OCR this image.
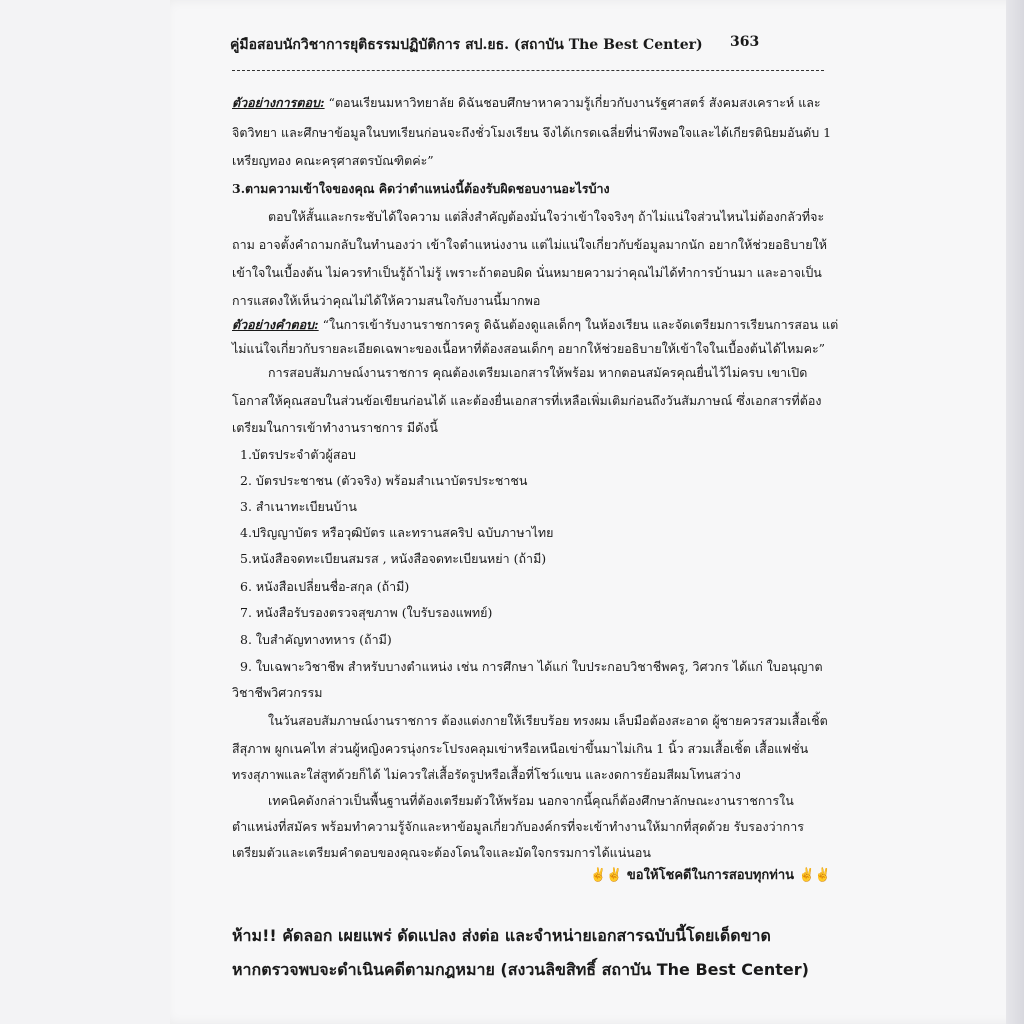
คู่มือสอบนักวิชาการยุติธรรมปฏิบัติการ สป.ยธ. (สถาบัน The Best Center)	363
ตัวอย่างการตอบ: “ตอนเรียนมหาวิทยาลัย ดิฉันชอบศึกษาหาความรู้เกี่ยวกับงานรัฐศาสตร์ สังคมสงเคราะห์ และ
จิตวิทยา และศึกษาข้อมูลในบทเรียนก่อนจะถึงชั่วโมงเรียน จึงได้เกรดเฉลี่ยที่น่าพึงพอใจและได้เกียรตินิยมอันดับ 1
เหรียญทอง คณะครุศาสตรบัณฑิตค่ะ”
3.ตามความเข้าใจของคุณ คิดว่าตำแหน่งนี้ต้องรับผิดชอบงานอะไรบ้าง
ตอบให้สั้นและกระชับได้ใจความ แต่สิ่งสำคัญต้องมั่นใจว่าเข้าใจจริงๆ ถ้าไม่แน่ใจส่วนไหนไม่ต้องกลัวที่จะ
ถาม อาจตั้งคำถามกลับในทำนองว่า เข้าใจตำแหน่งงาน แต่ไม่แน่ใจเกี่ยวกับข้อมูลมากนัก อยากให้ช่วยอธิบายให้
เข้าใจในเบื้องต้น ไม่ควรทำเป็นรู้ถ้าไม่รู้ เพราะถ้าตอบผิด นั่นหมายความว่าคุณไม่ได้ทำการบ้านมา และอาจเป็น
การแสดงให้เห็นว่าคุณไม่ได้ให้ความสนใจกับงานนี้มากพอ
ตัวอย่างคำตอบ: “ในการเข้ารับงานราชการครู ดิฉันต้องดูแลเด็กๆ ในห้องเรียน และจัดเตรียมการเรียนการสอน แต่
ไม่แน่ใจเกี่ยวกับรายละเอียดเฉพาะของเนื้อหาที่ต้องสอนเด็กๆ อยากให้ช่วยอธิบายให้เข้าใจในเบื้องต้นได้ไหมคะ”
การสอบสัมภาษณ์งานราชการ คุณต้องเตรียมเอกสารให้พร้อม หากตอนสมัครคุณยื่นไว้ไม่ครบ เขาเปิด
โอกาสให้คุณสอบในส่วนข้อเขียนก่อนได้ และต้องยื่นเอกสารที่เหลือเพิ่มเติมก่อนถึงวันสัมภาษณ์ ซึ่งเอกสารที่ต้อง
เตรียมในการเข้าทำงานราชการ มีดังนี้
1.บัตรประจำตัวผู้สอบ
2. บัตรประชาชน (ตัวจริง) พร้อมสำเนาบัตรประชาชน
3. สำเนาทะเบียนบ้าน
4.ปริญญาบัตร หรือวุฒิบัตร และทรานสคริป ฉบับภาษาไทย
5.หนังสือจดทะเบียนสมรส , หนังสือจดทะเบียนหย่า (ถ้ามี)
6. หนังสือเปลี่ยนชื่อ-สกุล (ถ้ามี)
7. หนังสือรับรองตรวจสุขภาพ (ใบรับรองแพทย์)
8. ใบสำคัญทางทหาร (ถ้ามี)
9. ใบเฉพาะวิชาชีพ สำหรับบางตำแหน่ง เช่น การศึกษา ได้แก่ ใบประกอบวิชาชีพครู, วิศวกร ได้แก่ ใบอนุญาต
วิชาชีพวิศวกรรม
ในวันสอบสัมภาษณ์งานราชการ ต้องแต่งกายให้เรียบร้อย ทรงผม เล็บมือต้องสะอาด ผู้ชายควรสวมเสื้อเชิ้ต
สีสุภาพ ผูกเนคไท ส่วนผู้หญิงควรนุ่งกระโปรงคลุมเข่าหรือเหนือเข่าขึ้นมาไม่เกิน 1 นิ้ว สวมเสื้อเชิ้ต เสื้อแฟชั่น
ทรงสุภาพและใส่สูทด้วยก็ได้ ไม่ควรใส่เสื้อรัดรูปหรือเสื้อที่โชว์แขน และงดการย้อมสีผมโทนสว่าง
เทคนิคดังกล่าวเป็นพื้นฐานที่ต้องเตรียมตัวให้พร้อม นอกจากนี้คุณก็ต้องศึกษาลักษณะงานราชการใน
ตำแหน่งที่สมัคร พร้อมทำความรู้จักและหาข้อมูลเกี่ยวกับองค์กรที่จะเข้าทำงานให้มากที่สุดด้วย รับรองว่าการ
เตรียมตัวและเตรียมคำตอบของคุณจะต้องโดนใจและมัดใจกรรมการได้แน่นอน
✌✌ ขอให้โชคดีในการสอบทุกท่าน ✌✌
ห้าม!! คัดลอก เผยแพร่ ดัดแปลง ส่งต่อ และจำหน่ายเอกสารฉบับนี้โดยเด็ดขาด
หากตรวจพบจะดำเนินคดีตามกฎหมาย (สงวนลิขสิทธิ์ สถาบัน The Best Center)
